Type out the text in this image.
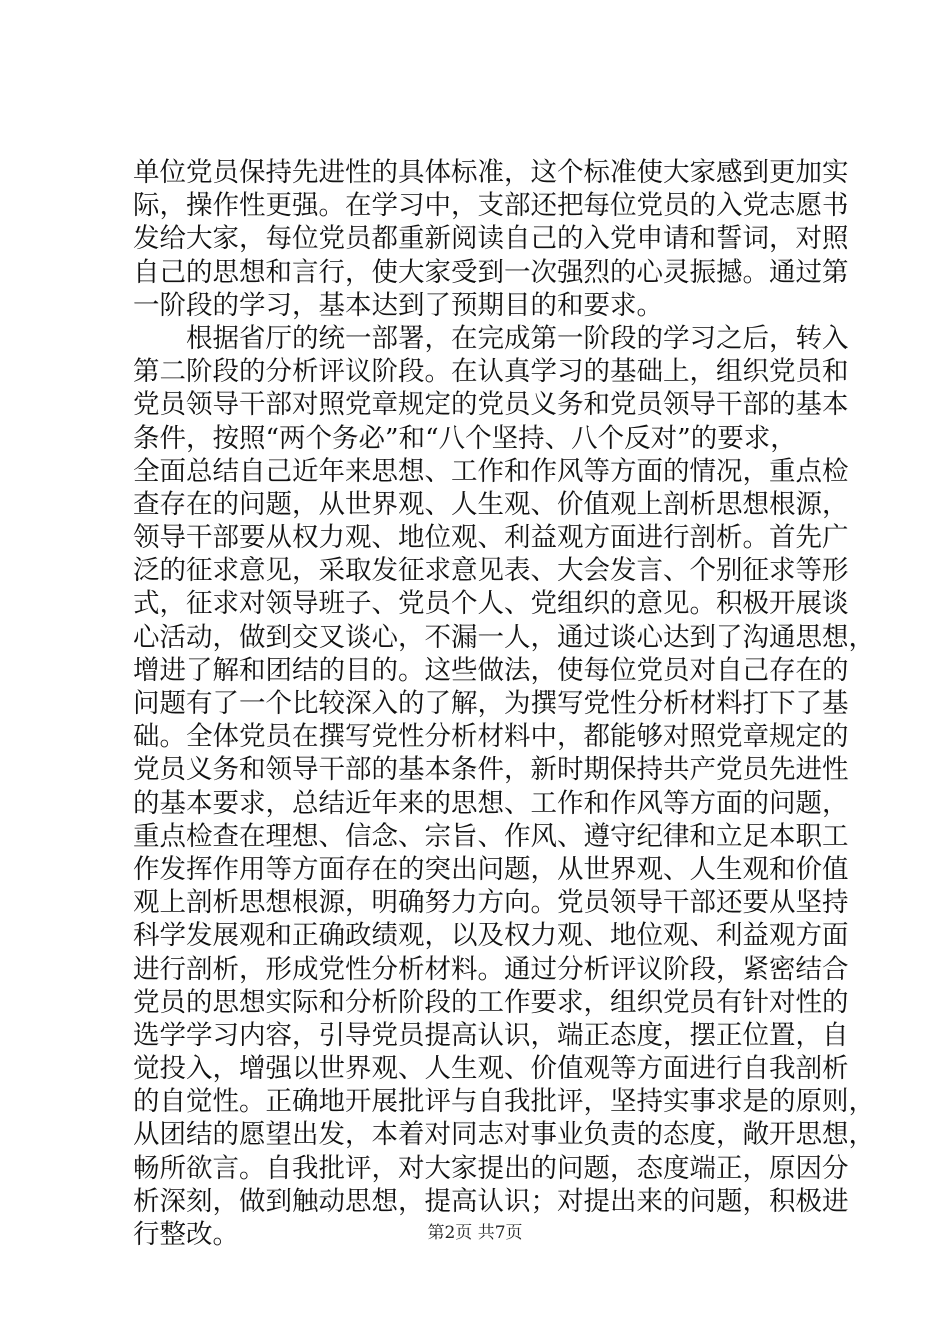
单位党员保持先进性的具体标准，这个标准使大家感到更加实
际，操作性更强。在学习中，支部还把每位党员的入党志愿书
发给大家，每位党员都重新阅读自己的入党申请和誓词，对照
自己的思想和言行，使大家受到一次强烈的心灵振撼。通过第
一阶段的学习，基本达到了预期目的和要求。
根据省厅的统一部署，在完成第一阶段的学习之后，转入
第二阶段的分析评议阶段。在认真学习的基础上，组织党员和
党员领导干部对照党章规定的党员义务和党员领导干部的基本
条件，按照“两个务必”和“八个坚持、八个反对”的要求，
全面总结自己近年来思想、工作和作风等方面的情况，重点检
查存在的问题，从世界观、人生观、价值观上剖析思想根源，
领导干部要从权力观、地位观、利益观方面进行剖析。首先广
泛的征求意见，采取发征求意见表、大会发言、个别征求等形
式，征求对领导班子、党员个人、党组织的意见。积极开展谈
心活动，做到交叉谈心，不漏一人，通过谈心达到了沟通思想，
增进了解和团结的目的。这些做法，使每位党员对自己存在的
问题有了一个比较深入的了解，为撰写党性分析材料打下了基
础。全体党员在撰写党性分析材料中，都能够对照党章规定的
党员义务和领导干部的基本条件，新时期保持共产党员先进性
的基本要求，总结近年来的思想、工作和作风等方面的问题，
重点检查在理想、信念、宗旨、作风、遵守纪律和立足本职工
作发挥作用等方面存在的突出问题，从世界观、人生观和价值
观上剖析思想根源，明确努力方向。党员领导干部还要从坚持
科学发展观和正确政绩观，以及权力观、地位观、利益观方面
进行剖析，形成党性分析材料。通过分析评议阶段，紧密结合
党员的思想实际和分析阶段的工作要求，组织党员有针对性的
选学学习内容，引导党员提高认识，端正态度，摆正位置，自
觉投入，增强以世界观、人生观、价值观等方面进行自我剖析
的自觉性。正确地开展批评与自我批评，坚持实事求是的原则，
从团结的愿望出发，本着对同志对事业负责的态度，敞开思想，
畅所欲言。自我批评，对大家提出的问题，态度端正，原因分
析深刻，做到触动思想，提高认识；对提出来的问题，积极进
行整改。	第2页 共7页
